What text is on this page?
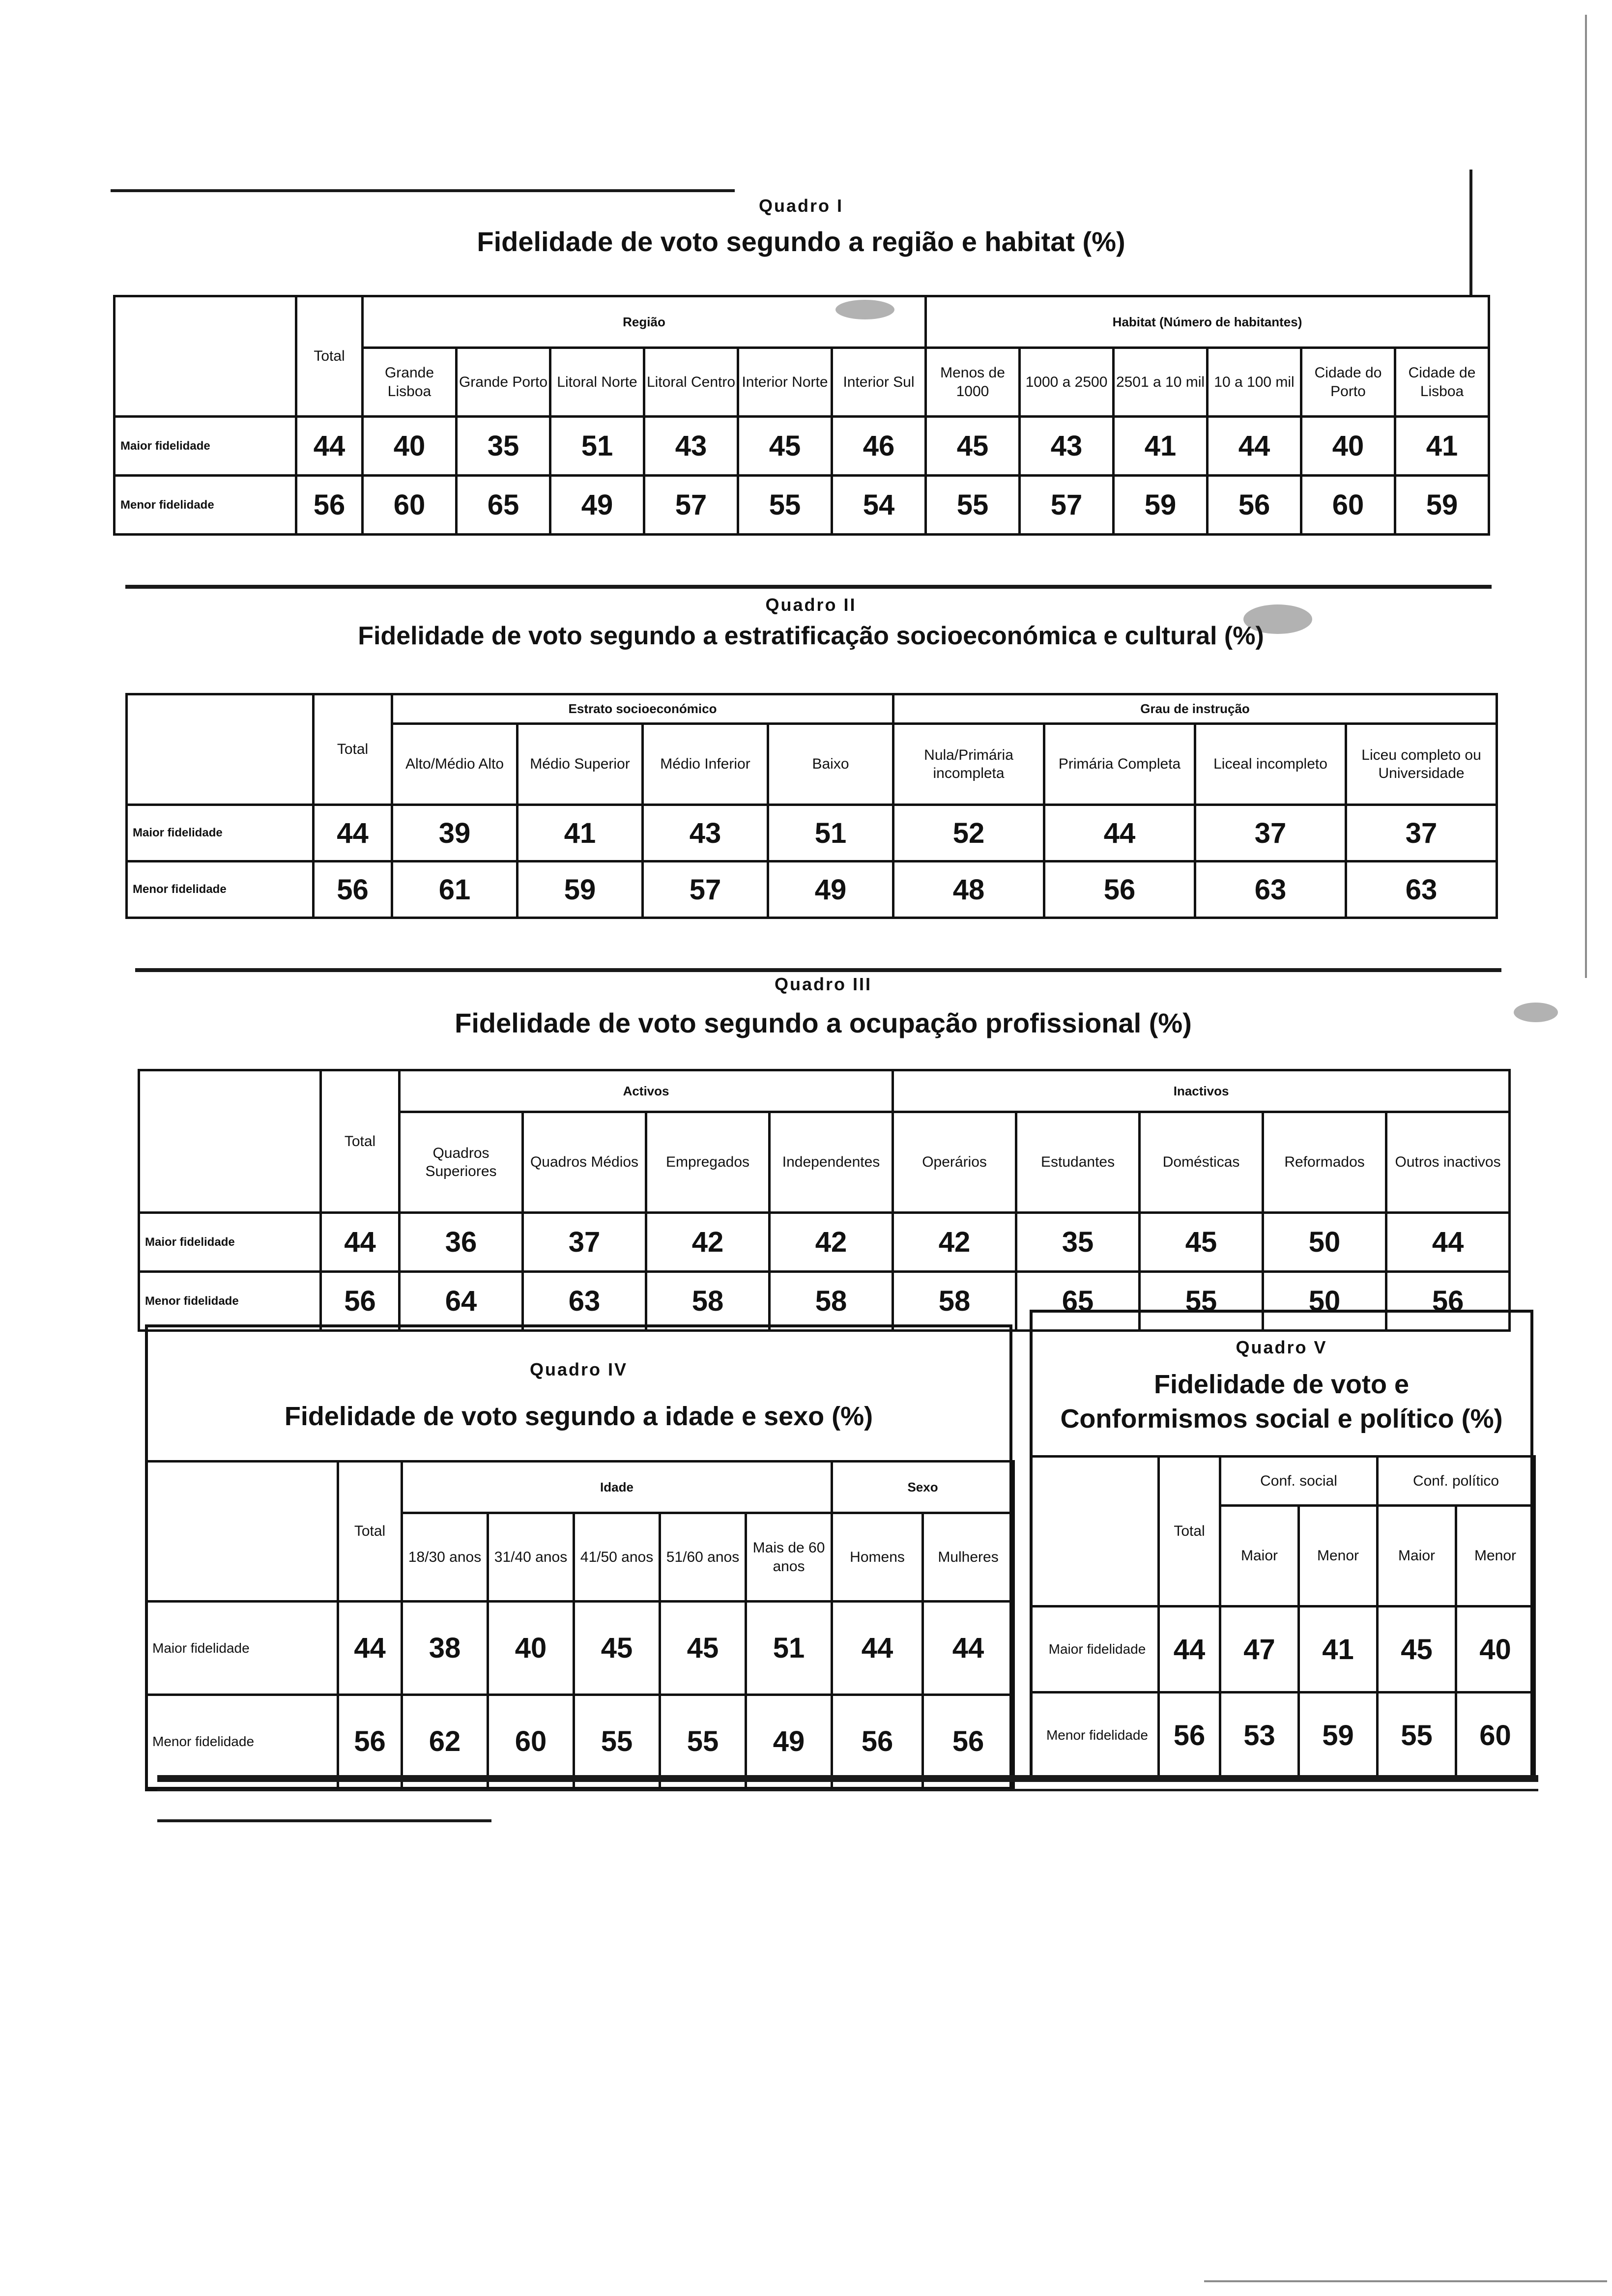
Quadro I
Fidelidade de voto segundo a região e habitat (%)
	Total	Região						Habitat (Número de habitantes)					
		Grande Lisboa	Grande Porto	Litoral Norte	Litoral Centro	Interior Norte	Interior Sul	Menos de 1000	1000 a 2500	2501 a 10 mil	10 a 100 mil	Cidade do Porto	Cidade de Lisboa
Maior fidelidade	44	40	35	51	43	45	46	45	43	41	44	40	41
Menor fidelidade	56	60	65	49	57	55	54	55	57	59	56	60	59
Quadro II
Fidelidade de voto segundo a estratificação socioeconómica e cultural (%)
	Total	Estrato socioeconómico				Grau de instrução			
		Alto/Médio Alto	Médio Superior	Médio Inferior	Baixo	Nula/Primária incompleta	Primária Completa	Liceal incompleto	Liceu completo ou Universidade
Maior fidelidade	44	39	41	43	51	52	44	37	37
Menor fidelidade	56	61	59	57	49	48	56	63	63
Quadro III
Fidelidade de voto segundo a ocupação profissional (%)
	Total	Activos				Inactivos				
		Quadros Superiores	Quadros Médios	Empregados	Independentes	Operários	Estudantes	Domésticas	Reformados	Outros inactivos
Maior fidelidade	44	36	37	42	42	42	35	45	50	44
Menor fidelidade	56	64	63	58	58	58	65	55	50	56
Quadro IV
Fidelidade de voto segundo a idade e sexo (%)
	Total	Idade					Sexo	
		18/30 anos	31/40 anos	41/50 anos	51/60 anos	Mais de 60 anos	Homens	Mulheres
Maior fidelidade	44	38	40	45	45	51	44	44
Menor fidelidade	56	62	60	55	55	49	56	56
Quadro V
Fidelidade de voto e
Conformismos social e político (%)
	Total	Conf. social		Conf. político	
		Maior	Menor	Maior	Menor
Maior fidelidade	44	47	41	45	40
Menor fidelidade	56	53	59	55	60
